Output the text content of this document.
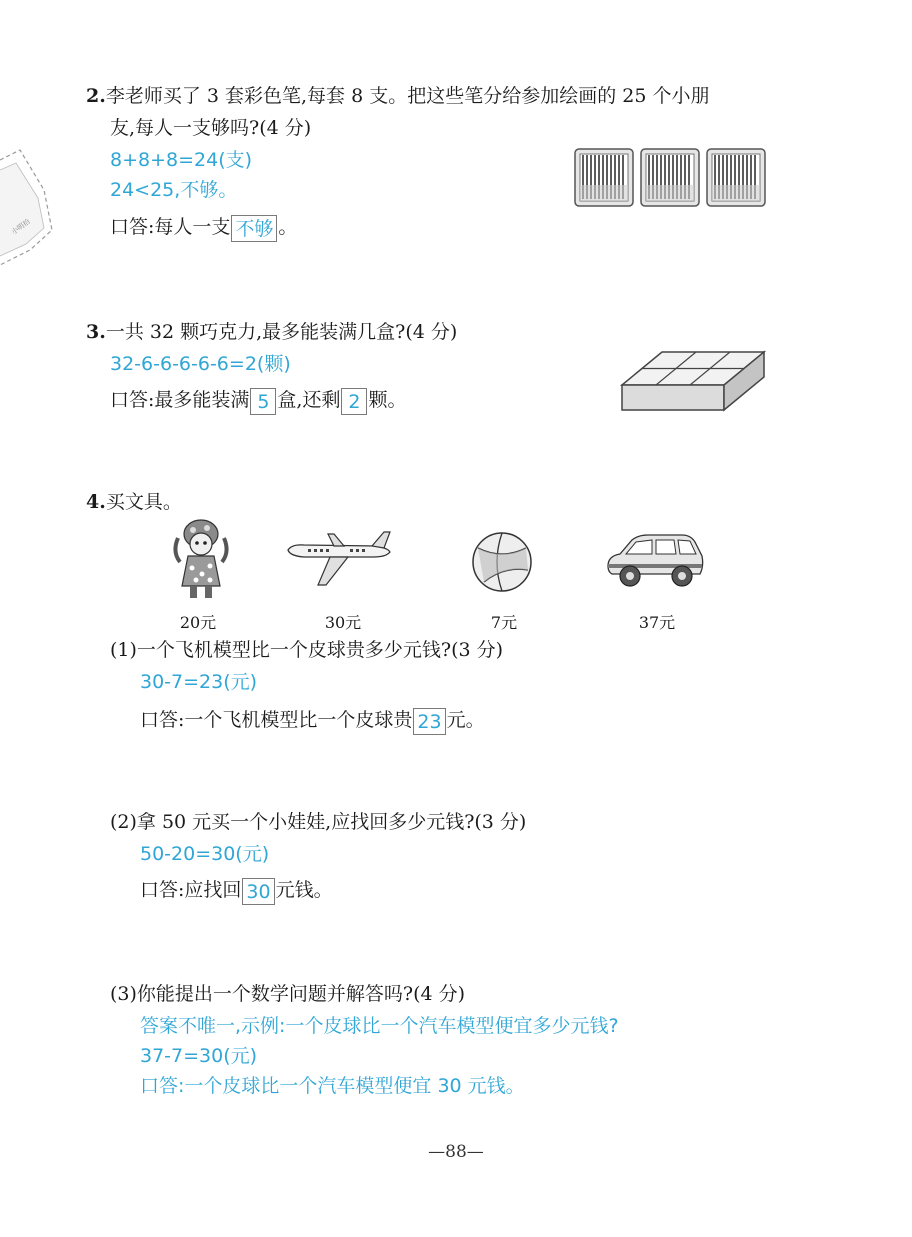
小明拾
2.李老师买了 3 套彩色笔,每套 8 支。把这些笔分给参加绘画的 25 个小朋
友,每人一支够吗?(4 分)
8+8+8=24(支)
24<25,不够。
口答:每人一支 不够 。
3.一共 32 颗巧克力,最多能装满几盒?(4 分)
32-6-6-6-6-6=2(颗)
口答:最多能装满 5 盒,还剩 2 颗。
4.买文具。
20元	30元	7元	37元
(1)一个飞机模型比一个皮球贵多少元钱?(3 分)
30-7=23(元)
口答:一个飞机模型比一个皮球贵 23 元。
(2)拿 50 元买一个小娃娃,应找回多少元钱?(3 分)
50-20=30(元)
口答:应找回 30 元钱。
(3)你能提出一个数学问题并解答吗?(4 分)
答案不唯一,示例:一个皮球比一个汽车模型便宜多少元钱?
37-7=30(元)
口答:一个皮球比一个汽车模型便宜 30 元钱。
—88—
